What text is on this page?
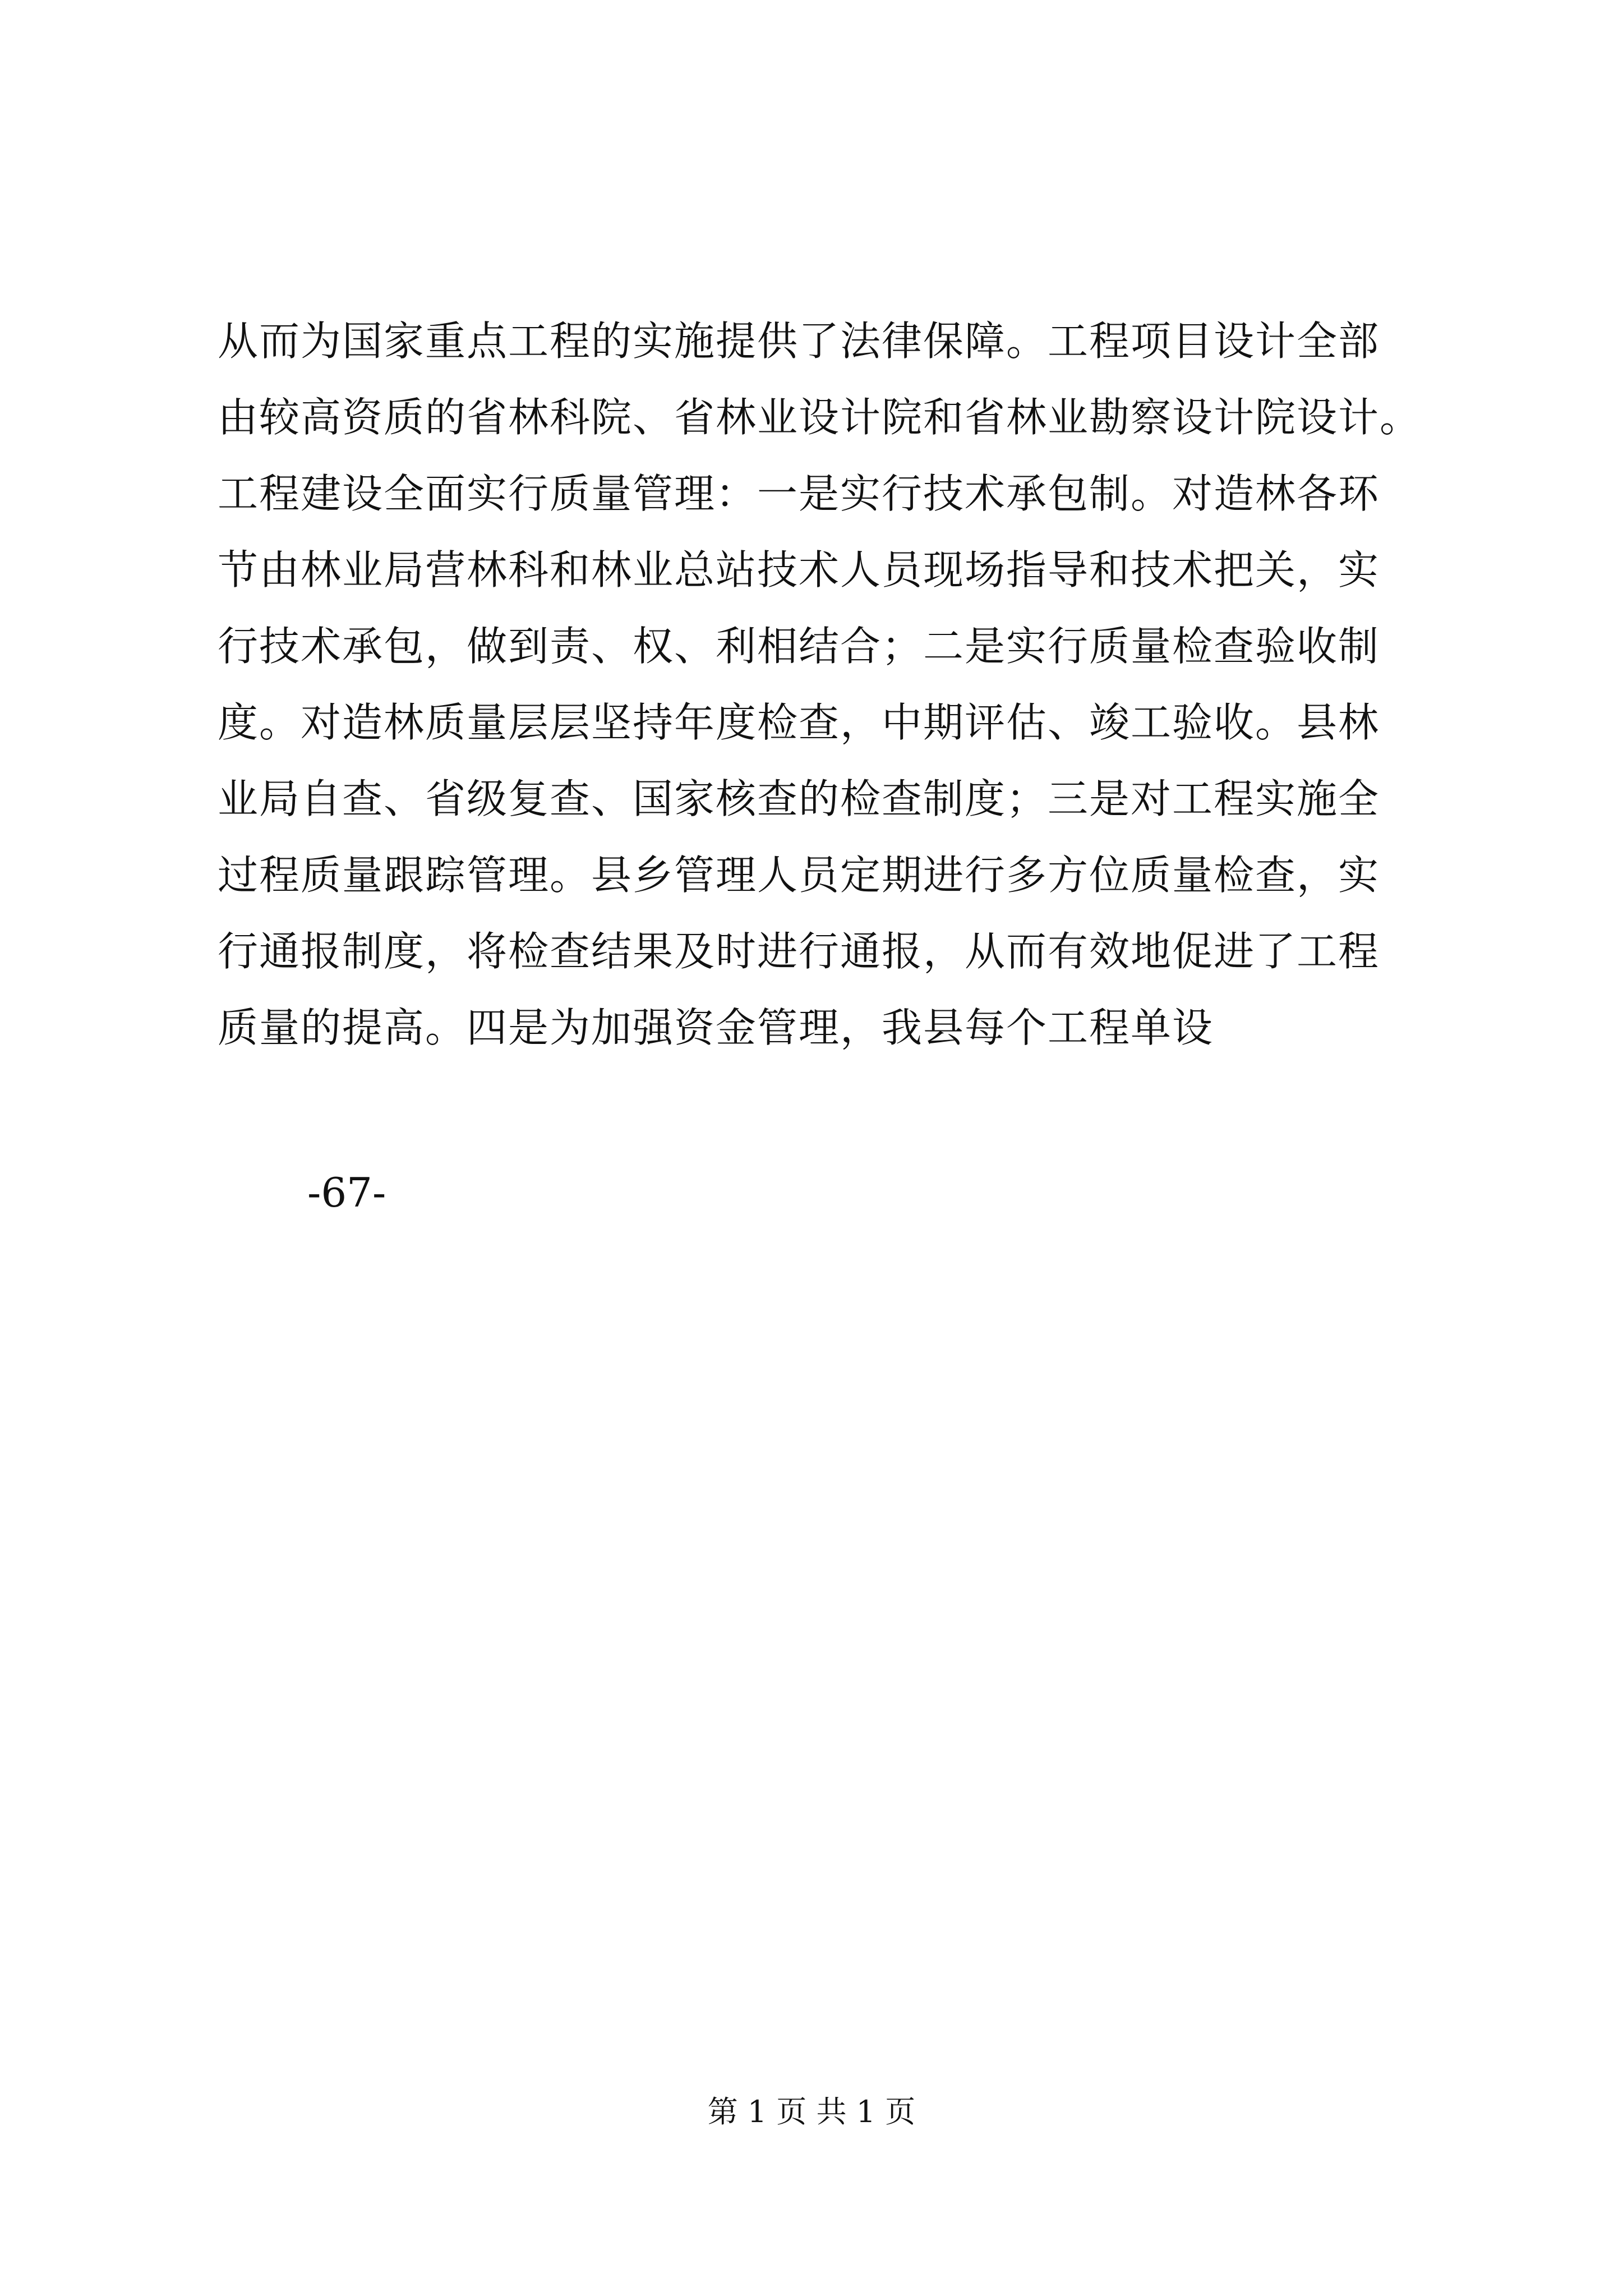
从而为国家重点工程的实施提供了法律保障。工程项目设计全部
由较高资质的省林科院、省林业设计院和省林业勘察设计院设计。
工程建设全面实行质量管理：一是实行技术承包制。对造林各环
节由林业局营林科和林业总站技术人员现场指导和技术把关，实
行技术承包，做到责、权、利相结合；二是实行质量检查验收制
度。对造林质量层层坚持年度检查，中期评估、竣工验收。县林
业局自查、省级复查、国家核查的检查制度；三是对工程实施全
过程质量跟踪管理。县乡管理人员定期进行多方位质量检查，实
行通报制度，将检查结果及时进行通报，从而有效地促进了工程
质量的提高。四是为加强资金管理，我县每个工程单设
-67-
第 1 页 共 1 页
